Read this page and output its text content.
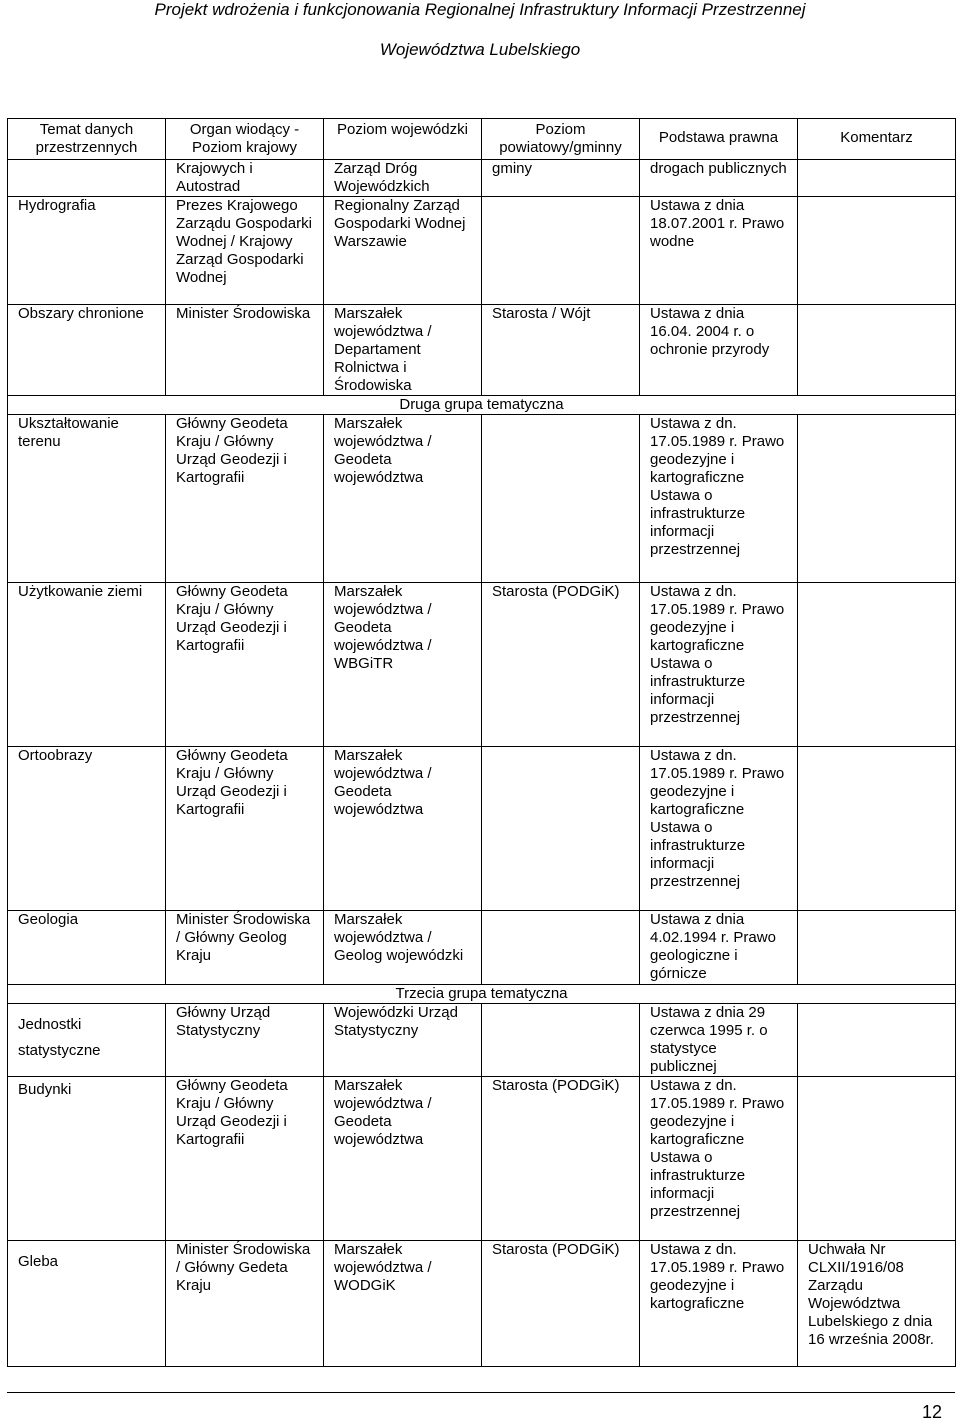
Projekt wdrożenia i funkcjonowania Regionalnej Infrastruktury Informacji Przestrzennej
Województwa Lubelskiego
Temat danych przestrzennych	Organ wiodący - Poziom krajowy	Poziom wojewódzki	Poziom powiatowy/gminny	Podstawa prawna	Komentarz
	Krajowych i Autostrad	Zarząd Dróg Wojewódzkich	gminy	drogach publicznych	
Hydrografia	Prezes Krajowego Zarządu Gospodarki Wodnej / Krajowy Zarząd Gospodarki Wodnej	Regionalny Zarząd Gospodarki Wodnej Warszawie		Ustawa z dnia 18.07.2001 r. Prawo wodne	
Obszary chronione	Minister Środowiska	Marszałek województwa / Departament Rolnictwa i Środowiska	Starosta / Wójt	Ustawa z dnia 16.04. 2004 r. o ochronie przyrody	
Druga grupa tematyczna					
Ukształtowanie terenu	Główny Geodeta Kraju / Główny Urząd Geodezji i Kartografii	Marszałek województwa / Geodeta województwa		Ustawa z dn. 17.05.1989 r. Prawo geodezyjne i kartograficzne Ustawa o infrastrukturze informacji przestrzennej	
Użytkowanie ziemi	Główny Geodeta Kraju / Główny Urząd Geodezji i Kartografii	Marszałek województwa / Geodeta województwa / WBGiTR	Starosta (PODGiK)	Ustawa z dn. 17.05.1989 r. Prawo geodezyjne i kartograficzne Ustawa o infrastrukturze informacji przestrzennej	
Ortoobrazy	Główny Geodeta Kraju / Główny Urząd Geodezji i Kartografii	Marszałek województwa / Geodeta województwa		Ustawa z dn. 17.05.1989 r. Prawo geodezyjne i kartograficzne Ustawa o infrastrukturze informacji przestrzennej	
Geologia	Minister Środowiska / Główny Geolog Kraju	Marszałek województwa / Geolog wojewódzki		Ustawa z dnia 4.02.1994 r. Prawo geologiczne i górnicze	
Trzecia grupa tematyczna					
Jednostki statystyczne	Główny Urząd Statystyczny	Wojewódzki Urząd Statystyczny		Ustawa z dnia 29 czerwca 1995 r. o statystyce publicznej	
Budynki	Główny Geodeta Kraju / Główny Urząd Geodezji i Kartografii	Marszałek województwa / Geodeta województwa	Starosta (PODGiK)	Ustawa z dn. 17.05.1989 r. Prawo geodezyjne i kartograficzne Ustawa o infrastrukturze informacji przestrzennej	
Gleba	Minister Środowiska / Główny Gedeta Kraju	Marszałek województwa / WODGiK	Starosta (PODGiK)	Ustawa z dn. 17.05.1989 r. Prawo geodezyjne i kartograficzne	Uchwała Nr CLXII/1916/08 Zarządu Województwa Lubelskiego z dnia 16 września 2008r.
12
